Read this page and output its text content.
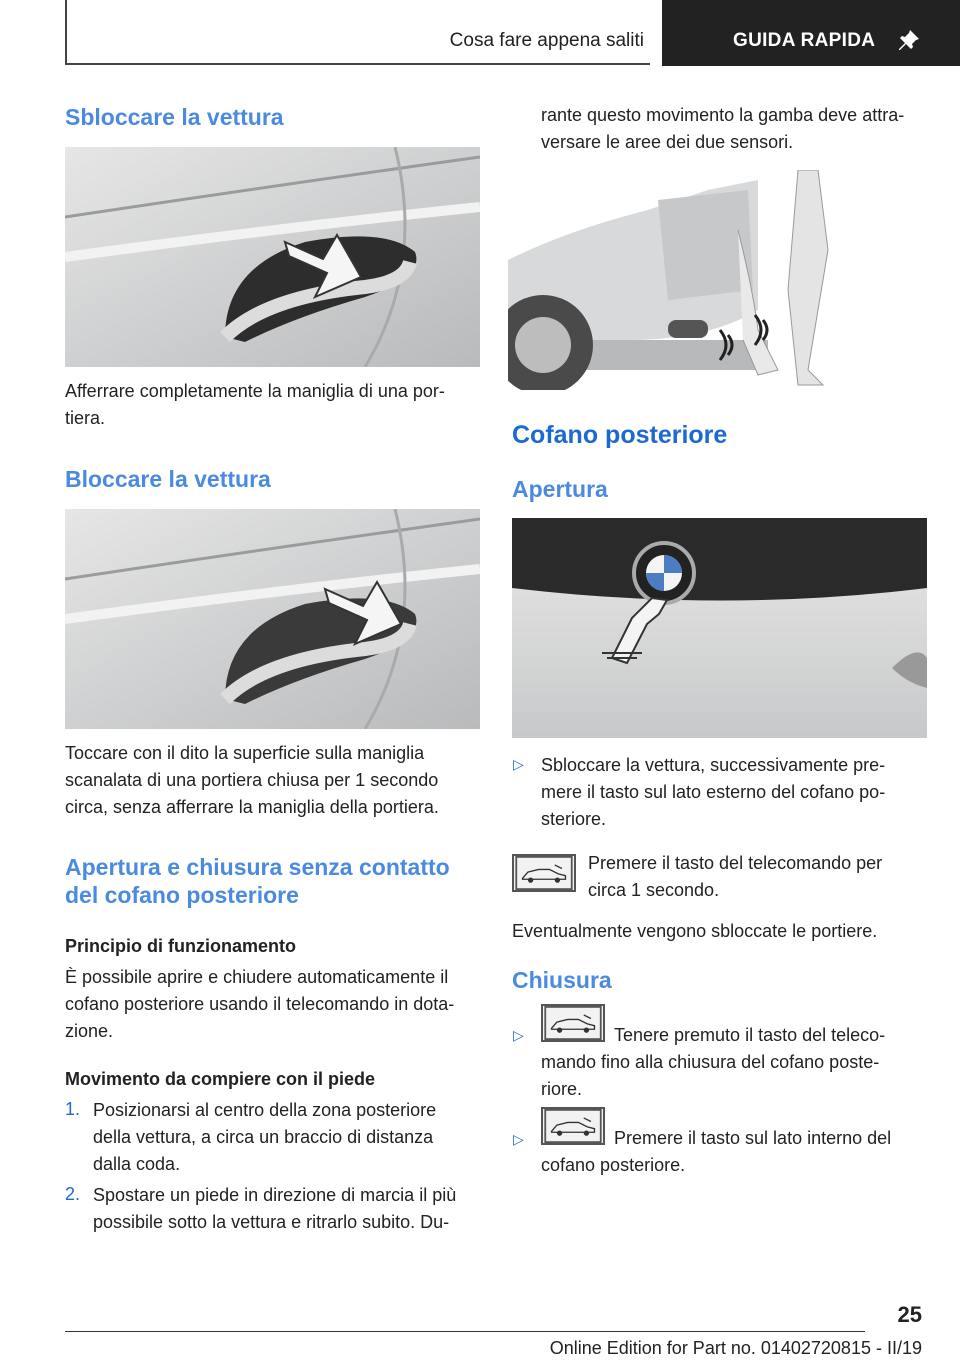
Cosa fare appena saliti	GUIDA RAPIDA
Sbloccare la vettura
Afferrare completamente la maniglia di una por-
tiera.
Bloccare la vettura
Toccare con il dito la superficie sulla maniglia
scanalata di una portiera chiusa per 1 secondo
circa, senza afferrare la maniglia della portiera.
Apertura e chiusura senza contatto
del cofano posteriore
Principio di funzionamento
È possibile aprire e chiudere automaticamente il
cofano posteriore usando il telecomando in dota-
zione.
Movimento da compiere con il piede
1. Posizionarsi al centro della zona posteriore
della vettura, a circa un braccio di distanza
dalla coda.
2. Spostare un piede in direzione di marcia il più
possibile sotto la vettura e ritrarlo subito. Du-
rante questo movimento la gamba deve attra-
versare le aree dei due sensori.
Cofano posteriore
Apertura
▷ Sbloccare la vettura, successivamente pre-
mere il tasto sul lato esterno del cofano po-
steriore.
Premere il tasto del telecomando per
circa 1 secondo.
Eventualmente vengono sbloccate le portiere.
Chiusura
▷	Tenere premuto il tasto del teleco-
mando fino alla chiusura del cofano poste-
riore.
▷	Premere il tasto sul lato interno del
cofano posteriore.
25
Online Edition for Part no. 01402720815 - II/19
